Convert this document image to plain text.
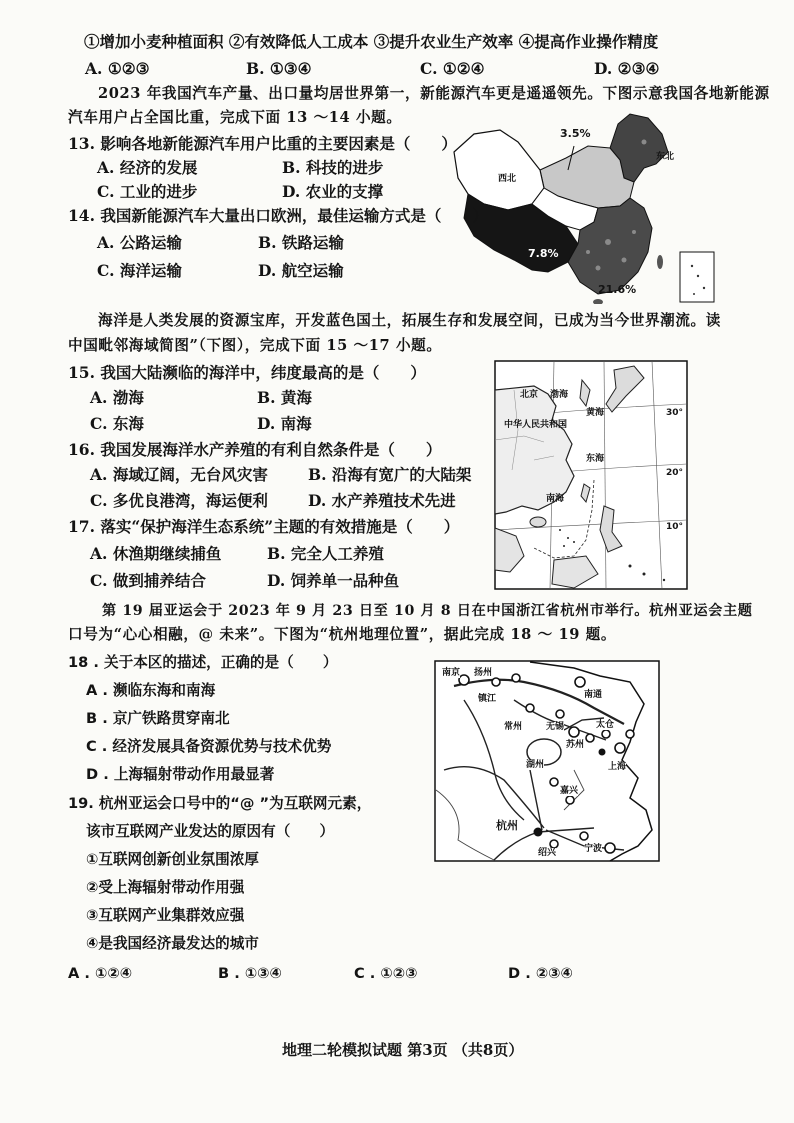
①增加小麦种植面积 ②有效降低人工成本 ③提升农业生产效率 ④提高作业操作精度
A. ①②③	B. ①③④	C. ①②④	D. ②③④
2023 年我国汽车产量、出口量均居世界第一，新能源汽车更是遥遥领先。下图示意我国各地新能源
汽车用户占全国比重，完成下面 13 ～14 小题。
3.5%
西北
东北
7.8%
21.6%
13. 影响各地新能源汽车用户比重的主要因素是（　　）
A. 经济的发展	B. 科技的进步
C. 工业的进步	D. 农业的支撑
14. 我国新能源汽车大量出口欧洲，最佳运输方式是（　　）
A. 公路运输	B. 铁路运输
C. 海洋运输	D. 航空运输
海洋是人类发展的资源宝库，开发蓝色国土，拓展生存和发展空间，已成为当今世界潮流。读
中国毗邻海域简图”（下图），完成下面 15 ～17 小题。
北京 渤海
黄海
中华人民共和国
东海
南海
30°
20°
10°
15. 我国大陆濒临的海洋中，纬度最高的是（　　）
A. 渤海	B. 黄海
C. 东海	D. 南海
16. 我国发展海洋水产养殖的有利自然条件是（　　）
A. 海域辽阔，无台风灾害	B. 沿海有宽广的大陆架
C. 多优良港湾，海运便利	D. 水产养殖技术先进
17. 落实“保护海洋生态系统”主题的有效措施是（　　）
A. 休渔期继续捕鱼	B. 完全人工养殖
C. 做到捕养结合	D. 饲养单一品种鱼
第 19 届亚运会于 2023 年 9 月 23 日至 10 月 8 日在中国浙江省杭州市举行。杭州亚运会主题
口号为“心心相融，@ 未来”。下图为“杭州地理位置”，据此完成 18 ～ 19 题。
南京 扬州
镇江	南通
常州	无锡
苏州
太仓
上海
湖州
嘉兴
杭州
绍兴	宁波
18 . 关于本区的描述，正确的是（　　）
A . 濒临东海和南海
B . 京广铁路贯穿南北
C . 经济发展具备资源优势与技术优势
D . 上海辐射带动作用最显著
19. 杭州亚运会口号中的“@ ”为互联网元素，
该市互联网产业发达的原因有（　　）
①互联网创新创业氛围浓厚
②受上海辐射带动作用强
③互联网产业集群效应强
④是我国经济最发达的城市
A . ①②④	B . ①③④	C . ①②③	D . ②③④
地理二轮模拟试题 第3页 （共8页）
